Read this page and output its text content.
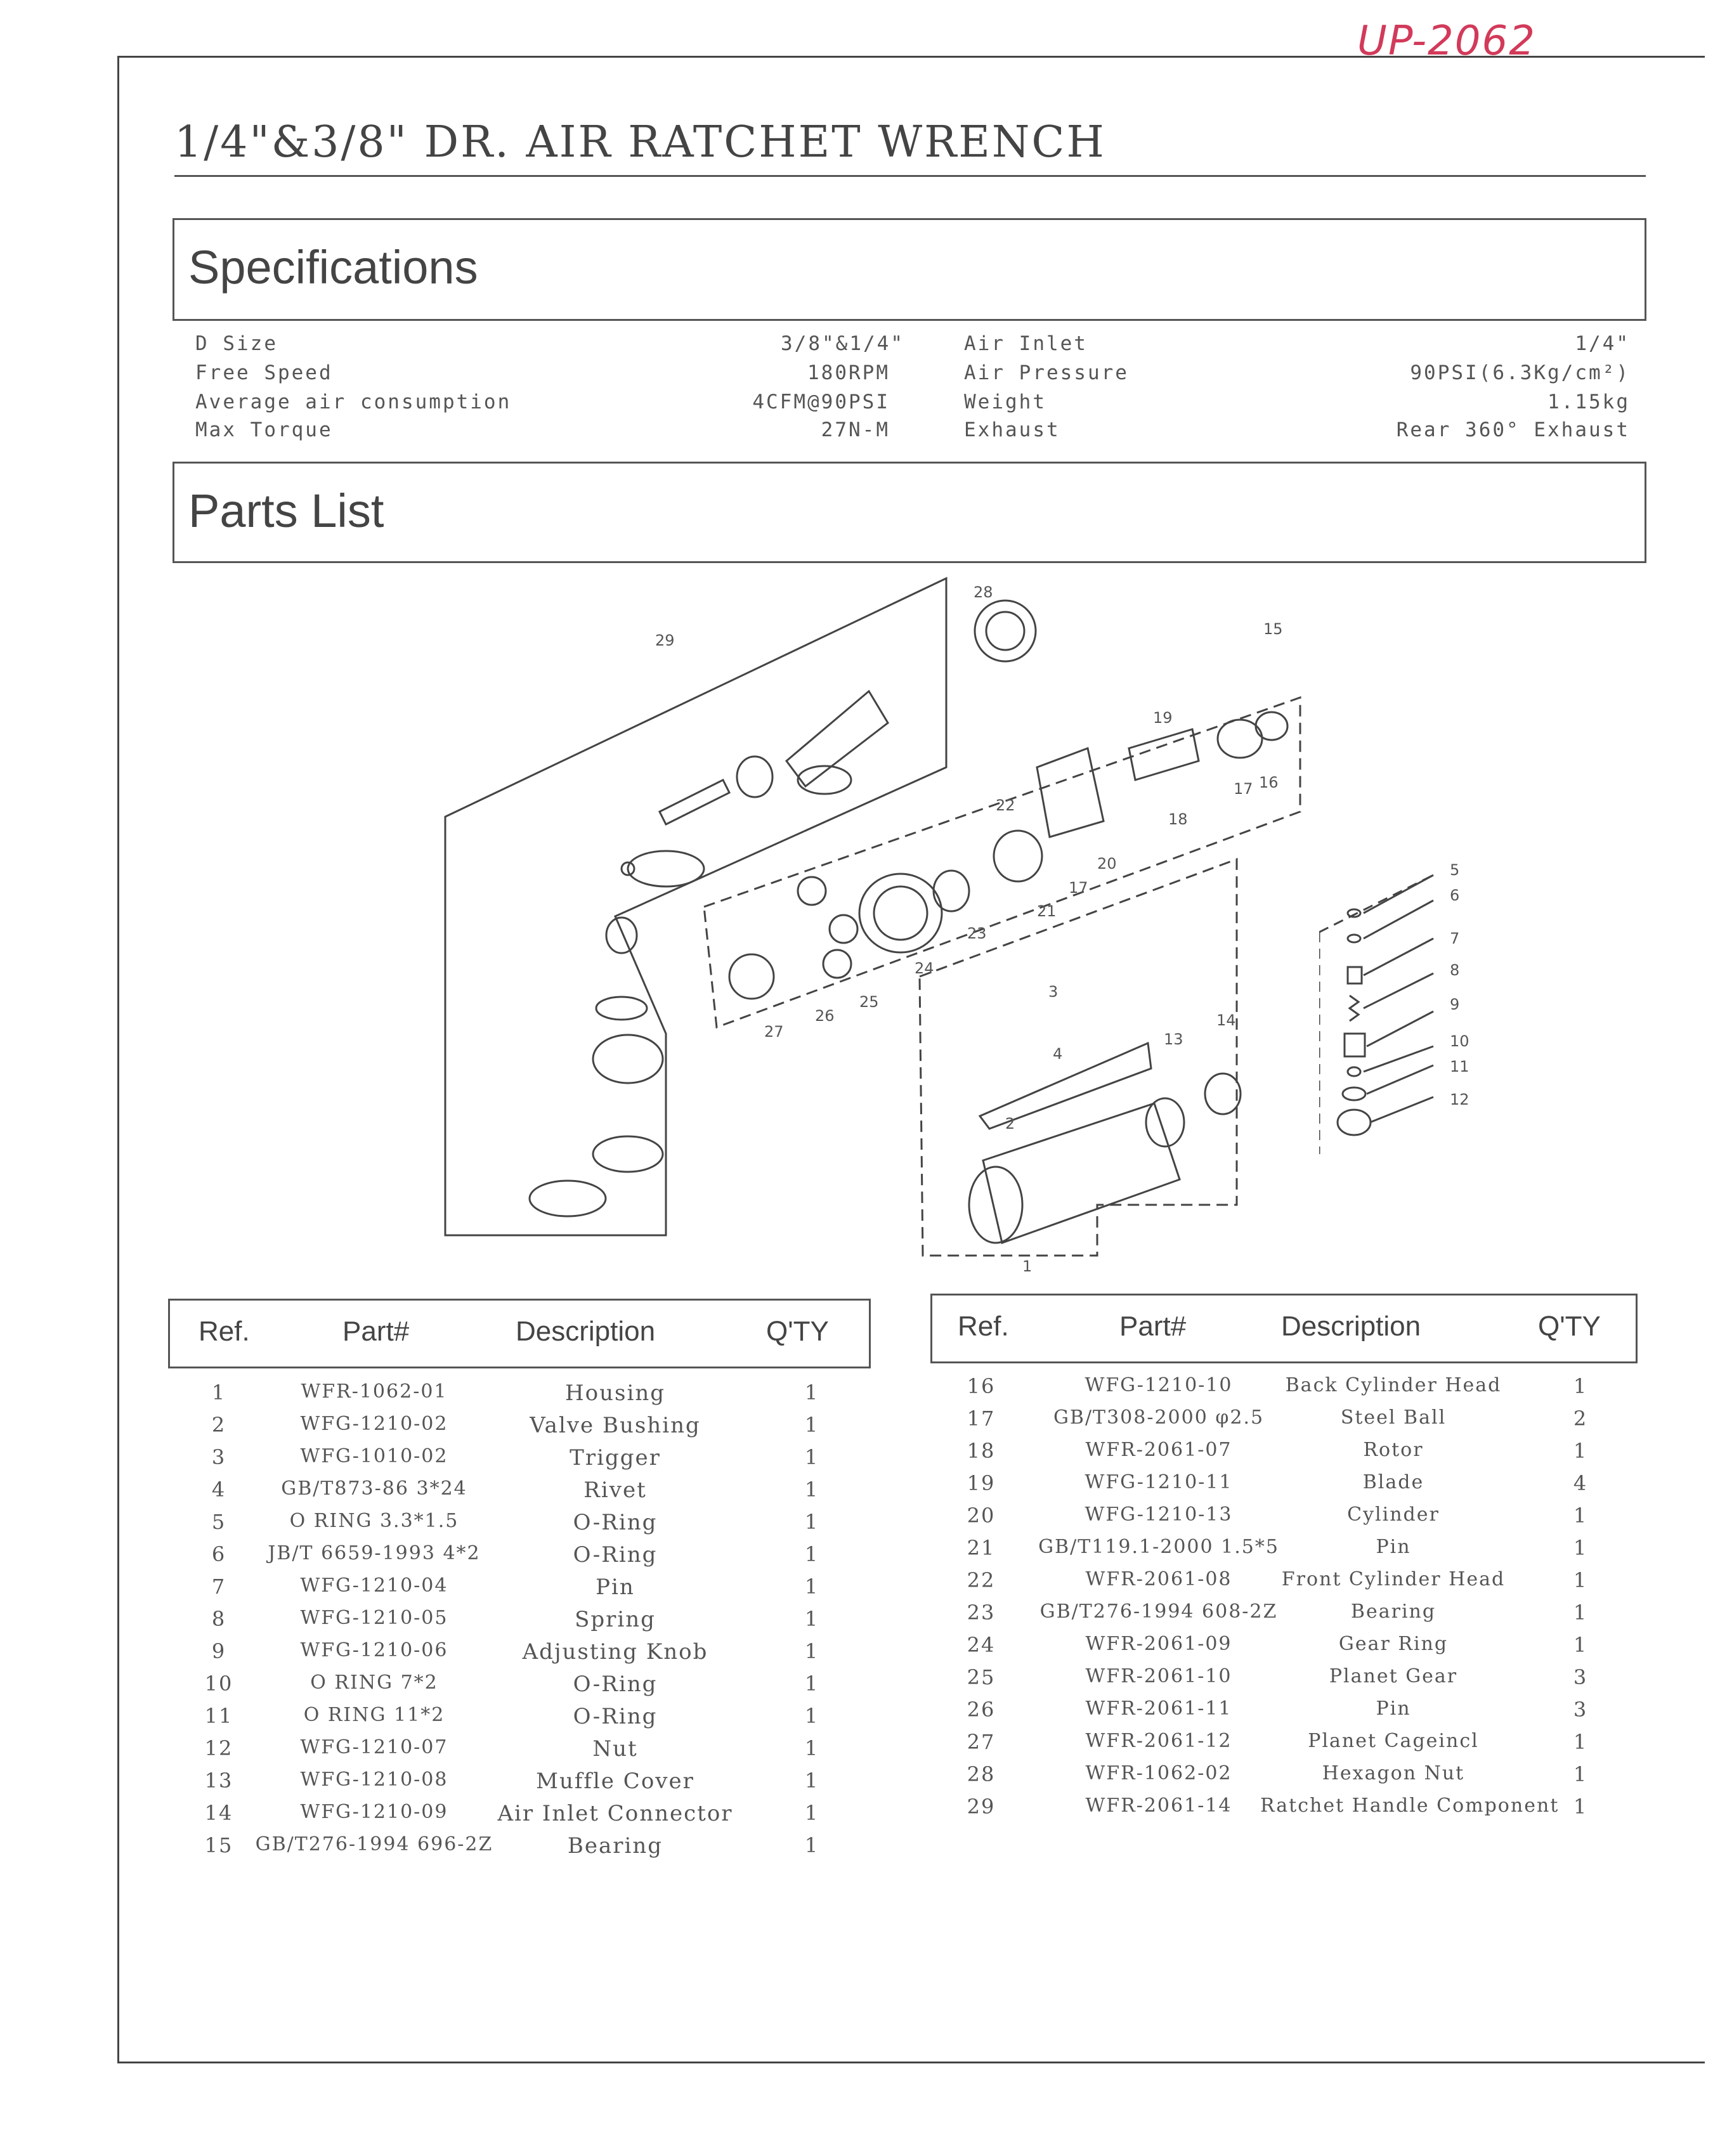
UP-2062
1/4"&3/8" DR. AIR RATCHET WRENCH
Specifications
D Size	3/8"&1/4"
Free Speed	180RPM
Average air consumption	4CFM@90PSI
Max Torque	27N-M
Air Inlet	1/4"
Air Pressure	90PSI(6.3Kg/cm²)
Weight	1.15kg
Exhaust	Rear 360° Exhaust
Parts List
29
28
15
19
16
17
18
22
20
17
21
23
24
25
26
27
3
4
13
14
2
1
5
6
7
8
9
10
11
12
Ref.	Part#	Description	Q'TY	Ref.	Part#	Description	Q'TY
1	WFR-1062-01	Housing	1
2	WFG-1210-02	Valve Bushing	1
3	WFG-1010-02	Trigger	1
4	GB/T873-86 3*24	Rivet	1
5	O RING 3.3*1.5	O-Ring	1
6	JB/T 6659-1993 4*2	O-Ring	1
7	WFG-1210-04	Pin	1
8	WFG-1210-05	Spring	1
9	WFG-1210-06	Adjusting Knob	1
10	O RING 7*2	O-Ring	1
11	O RING 11*2	O-Ring	1
12	WFG-1210-07	Nut	1
13	WFG-1210-08	Muffle Cover	1
14	WFG-1210-09	Air Inlet Connector	1
15	GB/T276-1994 696-2Z	Bearing	1
16	WFG-1210-10	Back Cylinder Head	1
17	GB/T308-2000 φ2.5	Steel Ball	2
18	WFR-2061-07	Rotor	1
19	WFG-1210-11	Blade	4
20	WFG-1210-13	Cylinder	1
21	GB/T119.1-2000 1.5*5	Pin	1
22	WFR-2061-08	Front Cylinder Head	1
23	GB/T276-1994 608-2Z	Bearing	1
24	WFR-2061-09	Gear Ring	1
25	WFR-2061-10	Planet Gear	3
26	WFR-2061-11	Pin	3
27	WFR-2061-12	Planet Cageincl	1
28	WFR-1062-02	Hexagon Nut	1
29	WFR-2061-14	Ratchet Handle Component 1
